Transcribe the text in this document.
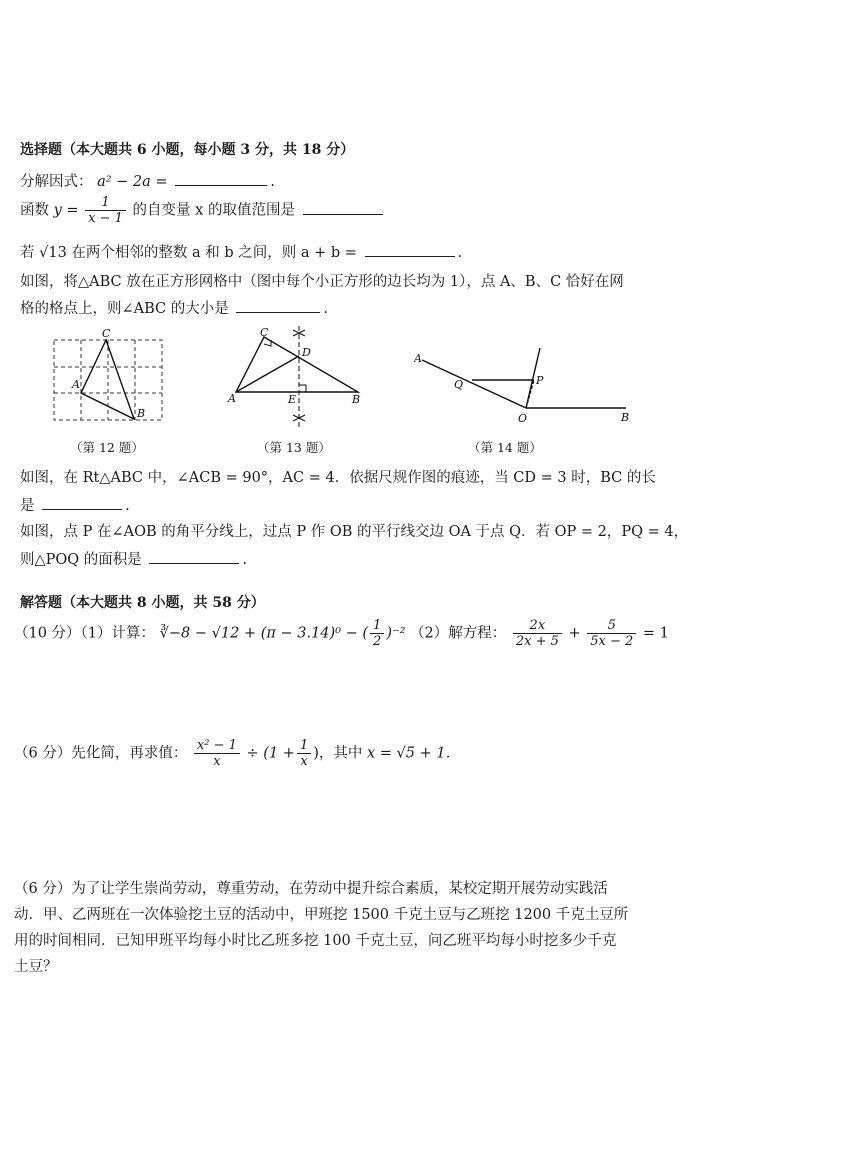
选择题（本大题共 6 小题，每小题 3 分，共 18 分）
分解因式： a² − 2a =	.
函数 $y = \frac{1}{x - 1}$ 的自变量 x 的取值范围是
若 √13 在两个相邻的整数 a 和 b 之间，则 a + b =	.
如图，将△ABC 放在正方形网格中（图中每个小正方形的边长均为 1），点 A、B、C 恰好在网
格的格点上，则∠ABC 的大小是	.
C
A
B
（第 12 题）
C
D
A	E	B
（第 13 题）
A
Q	P
O	B
（第 14 题）
如图，在 Rt△ABC 中，∠ACB = 90°，AC = 4．依据尺规作图的痕迹，当 CD = 3 时，BC 的长
是	.
如图，点 P 在∠AOB 的角平分线上，过点 P 作 OB 的平行线交边 OA 于点 Q．若 OP = 2，PQ = 4，
则△POQ 的面积是	.
解答题（本大题共 8 小题，共 58 分）
（10 分）（1）计算： ∛−8 − √12 + (π − 3.14)⁰ − ( $\frac{1}{2} )^{-2}$ （2）解方程： $\frac{2x}{2x + 5} + \frac{5}{5x - 2} = 1$
（6 分）先化简，再求值： $\frac{\text{x² − 1}}{x} \div (1 + \frac{1}{x}$ )，其中 x = √5 + 1．
（6 分）为了让学生崇尚劳动，尊重劳动，在劳动中提升综合素质，某校定期开展劳动实践活
动．甲、乙两班在一次体验挖土豆的活动中，甲班挖 1500 千克土豆与乙班挖 1200 千克土豆所
用的时间相同．已知甲班平均每小时比乙班多挖 100 千克土豆，问乙班平均每小时挖多少千克
土豆？
